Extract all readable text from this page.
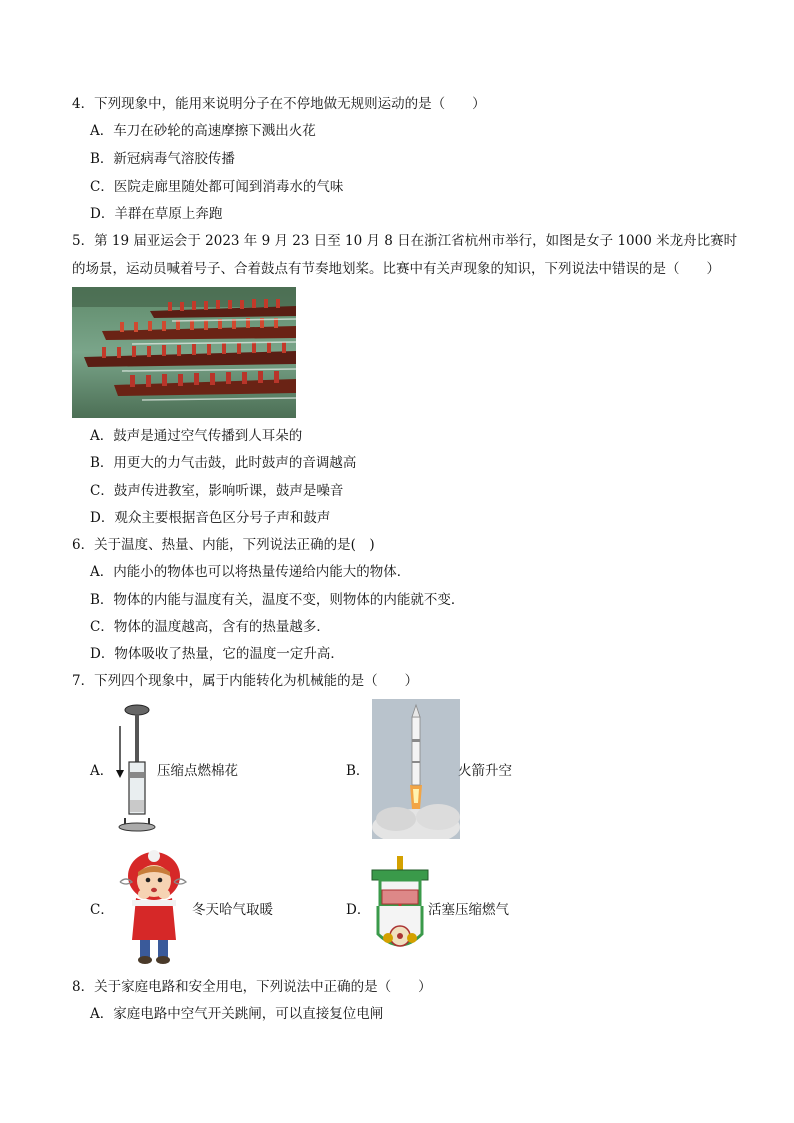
4．下列现象中，能用来说明分子在不停地做无规则运动的是（　　）
A．车刀在砂轮的高速摩擦下溅出火花
B．新冠病毒气溶胶传播
C．医院走廊里随处都可闻到消毒水的气味
D．羊群在草原上奔跑
5．第 19 届亚运会于 2023 年 9 月 23 日至 10 月 8 日在浙江省杭州市举行，如图是女子 1000 米龙舟比赛时
的场景，运动员喊着号子、合着鼓点有节奏地划桨。比赛中有关声现象的知识，下列说法中错误的是（　　）
A．鼓声是通过空气传播到人耳朵的
B．用更大的力气击鼓，此时鼓声的音调越高
C．鼓声传进教室，影响听课，鼓声是噪音
D．观众主要根据音色区分号子声和鼓声
6．关于温度、热量、内能，下列说法正确的是(　)
A．内能小的物体也可以将热量传递给内能大的物体．
B．物体的内能与温度有关，温度不变，则物体的内能就不变．
C．物体的温度越高，含有的热量越多．
D．物体吸收了热量，它的温度一定升高．
7．下列四个现象中，属于内能转化为机械能的是（　　）
A．	压缩点燃棉花	B．	火箭升空
C．	冬天哈气取暖	D．	活塞压缩燃气
8．关于家庭电路和安全用电，下列说法中正确的是（　　）
A．家庭电路中空气开关跳闸，可以直接复位电闸
